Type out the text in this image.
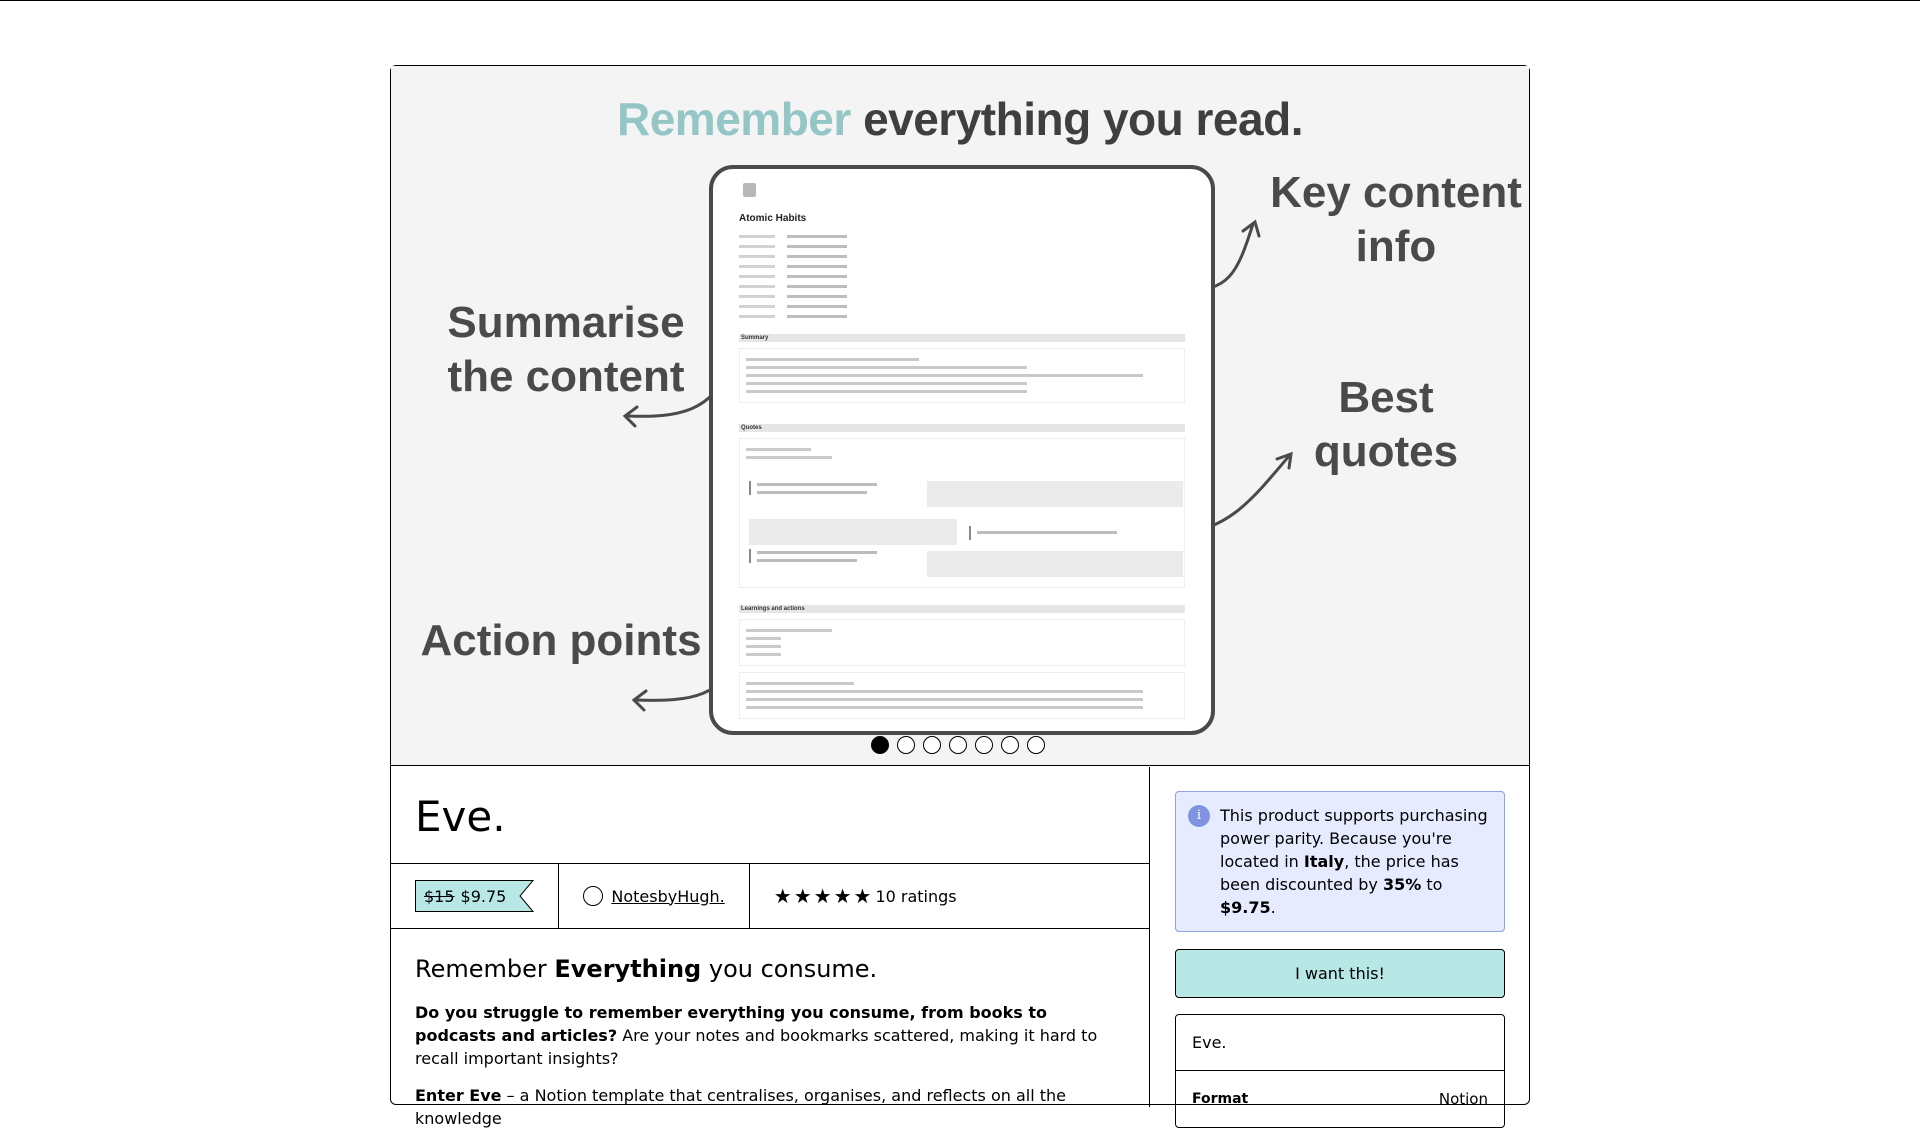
Remember everything you read.
Summarise the content
Key content info
Best quotes
Action points
Atomic Habits
Summary
Quotes
Learnings and actions
Eve.
$15 $9.75	NotesbyHugh. ★ ★ ★ ★ ★ 10 ratings

Remember Everything you consume.

Do you struggle to remember everything you consume, from books to podcasts and articles? Are your notes and bookmarks scattered, making it hard to recall important insights?

Enter Eve – a Notion template that centralises, organises, and reflects on all the knowledge

i	This product supports purchasing power parity. Because you're located in Italy, the price has been discounted by 35% to $9.75.
I want this!
Eve.
Format	Notion
